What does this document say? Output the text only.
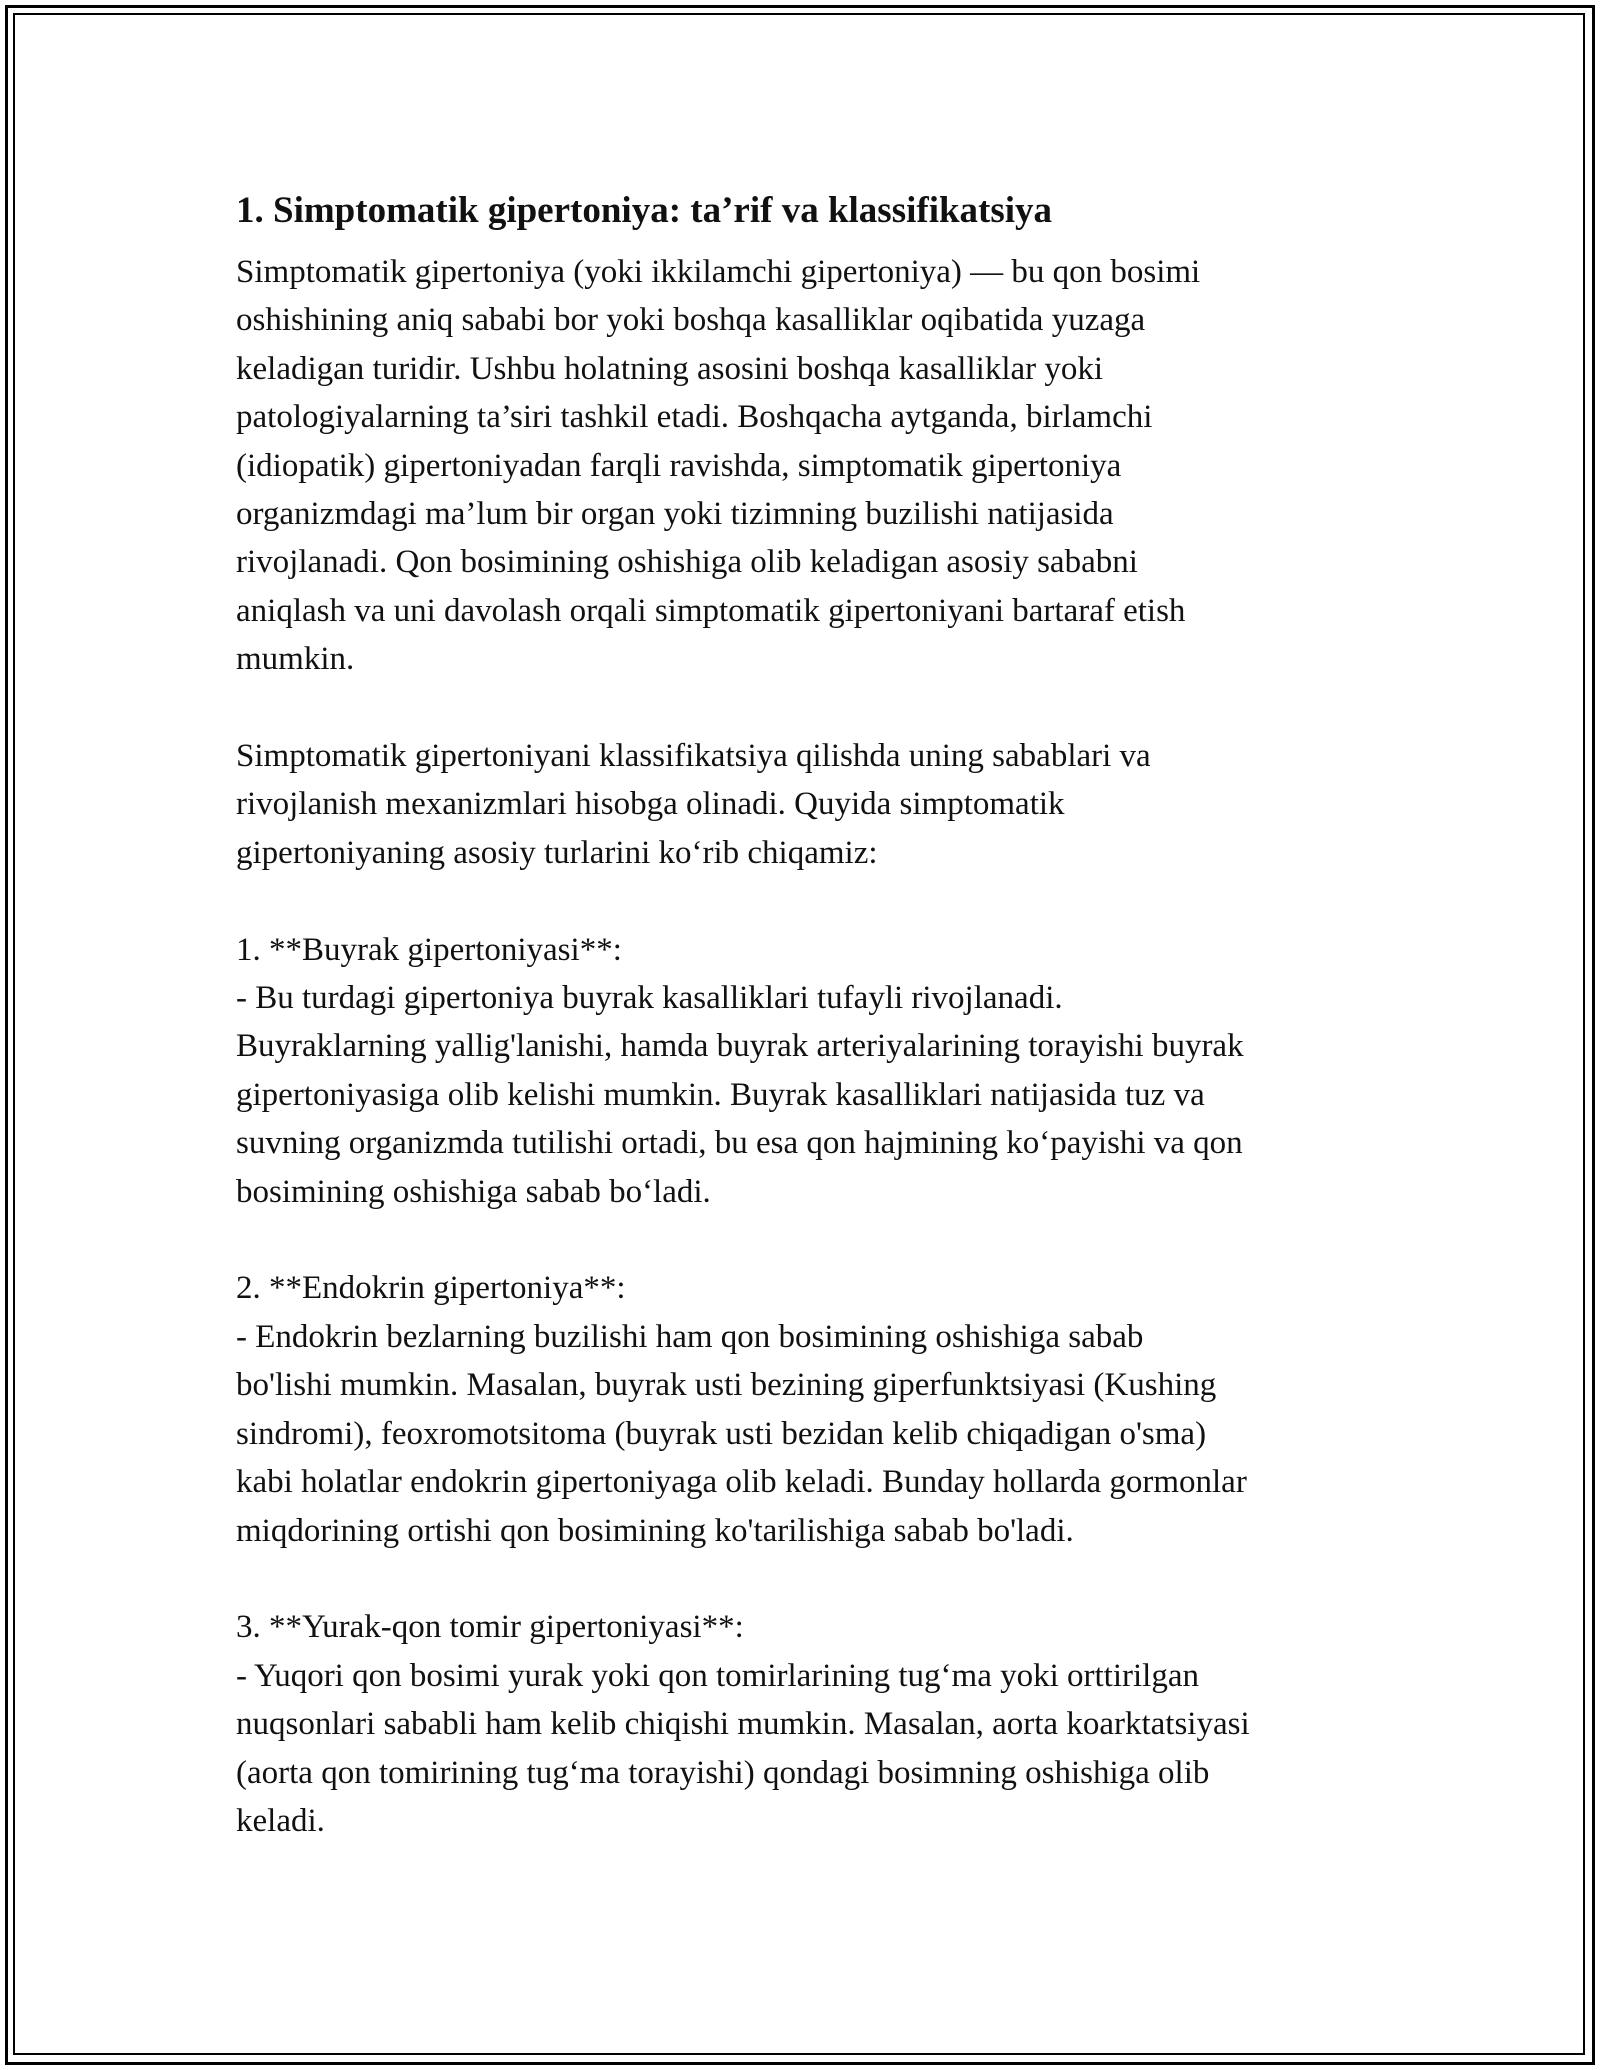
1. Simptomatik gipertoniya: ta’rif va klassifikatsiya

Simptomatik gipertoniya (yoki ikkilamchi gipertoniya) — bu qon bosimi
oshishining aniq sababi bor yoki boshqa kasalliklar oqibatida yuzaga
keladigan turidir. Ushbu holatning asosini boshqa kasalliklar yoki
patologiyalarning ta’siri tashkil etadi. Boshqacha aytganda, birlamchi
(idiopatik) gipertoniyadan farqli ravishda, simptomatik gipertoniya
organizmdagi ma’lum bir organ yoki tizimning buzilishi natijasida
rivojlanadi. Qon bosimining oshishiga olib keladigan asosiy sababni
aniqlash va uni davolash orqali simptomatik gipertoniyani bartaraf etish
mumkin.

Simptomatik gipertoniyani klassifikatsiya qilishda uning sabablari va
rivojlanish mexanizmlari hisobga olinadi. Quyida simptomatik
gipertoniyaning asosiy turlarini ko‘rib chiqamiz:

1. **Buyrak gipertoniyasi**:

- Bu turdagi gipertoniya buyrak kasalliklari tufayli rivojlanadi.
Buyraklarning yallig'lanishi, hamda buyrak arteriyalarining torayishi buyrak
gipertoniyasiga olib kelishi mumkin. Buyrak kasalliklari natijasida tuz va
suvning organizmda tutilishi ortadi, bu esa qon hajmining ko‘payishi va qon
bosimining oshishiga sabab bo‘ladi.

2. **Endokrin gipertoniya**:

- Endokrin bezlarning buzilishi ham qon bosimining oshishiga sabab
bo'lishi mumkin. Masalan, buyrak usti bezining giperfunktsiyasi (Kushing
sindromi), feoxromotsitoma (buyrak usti bezidan kelib chiqadigan o'sma)
kabi holatlar endokrin gipertoniyaga olib keladi. Bunday hollarda gormonlar
miqdorining ortishi qon bosimining ko'tarilishiga sabab bo'ladi.

3. **Yurak-qon tomir gipertoniyasi**:

- Yuqori qon bosimi yurak yoki qon tomirlarining tug‘ma yoki orttirilgan
nuqsonlari sababli ham kelib chiqishi mumkin. Masalan, aorta koarktatsiyasi
(aorta qon tomirining tug‘ma torayishi) qondagi bosimning oshishiga olib
keladi.
